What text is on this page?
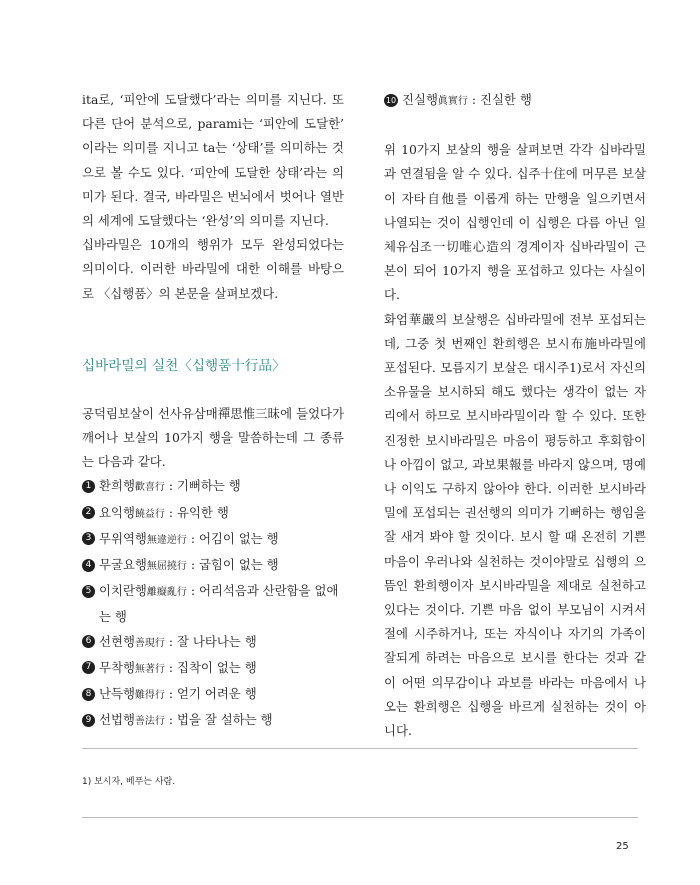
ita로, ‘피안에 도달했다’라는 의미를 지닌다. 또 다른 단어 분석으로, parami는 ‘피안에 도달한’ 이라는 의미를 지니고 ta는 ‘상태’를 의미하는 것으로 볼 수도 있다. ‘피안에 도달한 상태’라는 의미가 된다. 결국, 바라밀은 번뇌에서 벗어나 열반의 세계에 도달했다는 ‘완성’의 의미를 지닌다.

십바라밀은 10개의 행위가 모두 완성되었다는 의미이다. 이러한 바라밀에 대한 이해를 바탕으로 〈십행품〉의 본문을 살펴보겠다.

십바라밀의 실천〈십행품十行品〉

공덕림보살이 선사유삼매禪思惟三昧에 들었다가 깨어나 보살의 10가지 행을 말씀하는데 그 종류는 다음과 같다.

1 환희행歡喜行 : 기뻐하는 행
2 요익행饒益行 : 유익한 행
3 무위역행無違逆行 : 어김이 없는 행
4 무굴요행無屈撓行 : 굽힘이 없는 행
5 이치란행離癡亂行 : 어리석음과 산란함을 없애는 행
6 선현행善現行 : 잘 나타나는 행
7 무착행無著行 : 집착이 없는 행
8 난득행難得行 : 얻기 어려운 행
9 선법행善法行 : 법을 잘 설하는 행
10 진실행眞實行 : 진실한 행

위 10가지 보살의 행을 살펴보면 각각 십바라밀과 연결됨을 알 수 있다. 십주十住에 머무른 보살이 자타自他를 이롭게 하는 만행을 일으키면서 나열되는 것이 십행인데 이 십행은 다름 아닌 일체유심조一切唯心造의 경계이자 십바라밀이 근본이 되어 10가지 행을 포섭하고 있다는 사실이다.

화엄華嚴의 보살행은 십바라밀에 전부 포섭되는데, 그중 첫 번째인 환희행은 보시布施바라밀에 포섭된다. 모름지기 보살은 대시주1)로서 자신의 소유물을 보시하되 해도 했다는 생각이 없는 자리에서 하므로 보시바라밀이라 할 수 있다. 또한 진정한 보시바라밀은 마음이 평등하고 후회함이나 아낌이 없고, 과보果報를 바라지 않으며, 명예나 이익도 구하지 않아야 한다. 이러한 보시바라밀에 포섭되는 권선행의 의미가 기뻐하는 행임을 잘 새겨 봐야 할 것이다. 보시 할 때 온전히 기쁜 마음이 우러나와 실천하는 것이야말로 십행의 으뜸인 환희행이자 보시바라밀을 제대로 실천하고 있다는 것이다. 기쁜 마음 없이 부모님이 시켜서 절에 시주하거나, 또는 자식이나 자기의 가족이 잘되게 하려는 마음으로 보시를 한다는 것과 같이 어떤 의무감이나 과보를 바라는 마음에서 나오는 환희행은 십행을 바르게 실천하는 것이 아니다.

1) 보시자, 베푸는 사람.
25
